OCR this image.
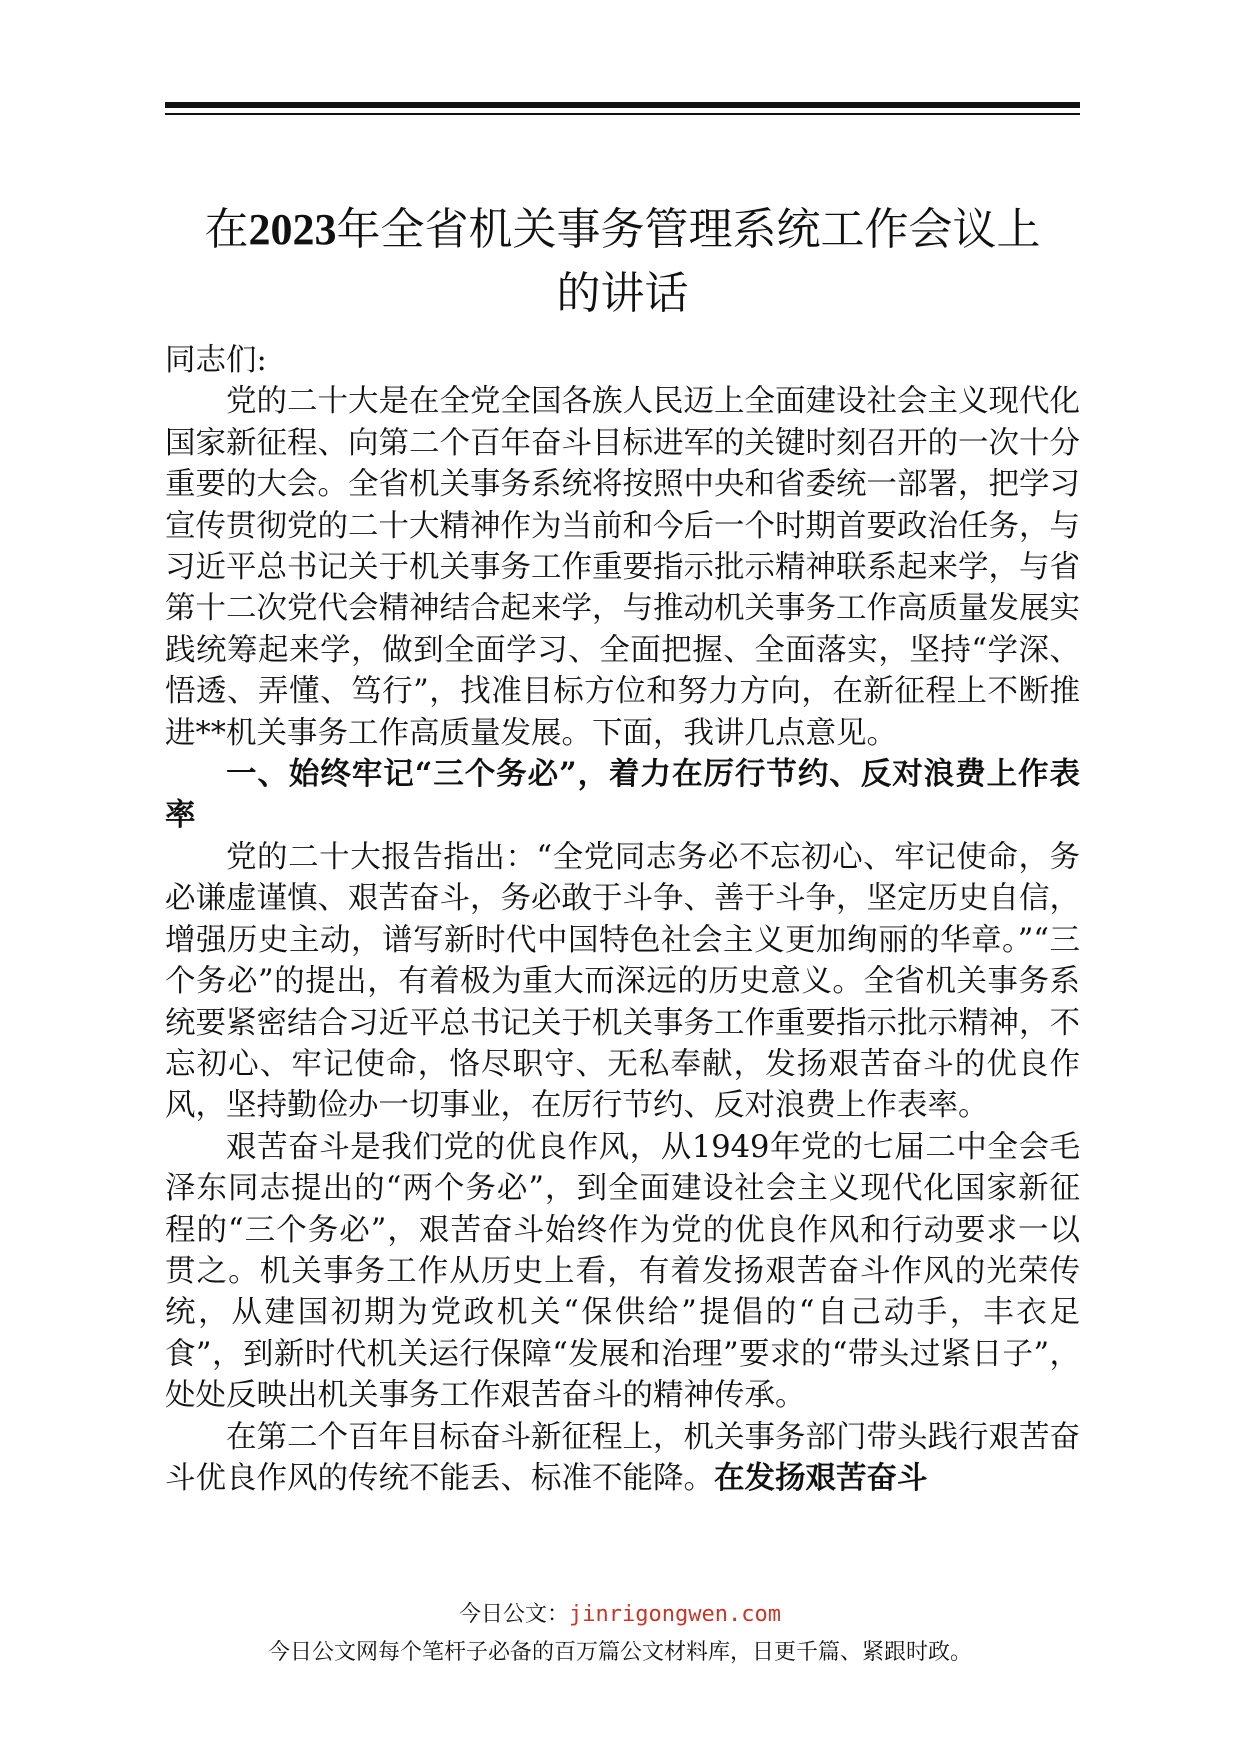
在2023年全省机关事务管理系统工作会议上
的讲话

同志们:

党的二十大是在全党全国各族人民迈上全面建设社会主义现代化国家新征程、向第二个百年奋斗目标进军的关键时刻召开的一次十分重要的大会。全省机关事务系统将按照中央和省委统一部署，把学习宣传贯彻党的二十大精神作为当前和今后一个时期首要政治任务，与习近平总书记关于机关事务工作重要指示批示精神联系起来学，与省第十二次党代会精神结合起来学，与推动机关事务工作高质量发展实践统筹起来学，做到全面学习、全面把握、全面落实，坚持“学深、悟透、弄懂、笃行”，找准目标方位和努力方向，在新征程上不断推进**机关事务工作高质量发展。下面，我讲几点意见。

一、始终牢记“三个务必”，着力在厉行节约、反对浪费上作表率

党的二十大报告指出：“全党同志务必不忘初心、牢记使命，务必谦虚谨慎、艰苦奋斗，务必敢于斗争、善于斗争，坚定历史自信，增强历史主动，谱写新时代中国特色社会主义更加绚丽的华章。”“三个务必”的提出，有着极为重大而深远的历史意义。全省机关事务系统要紧密结合习近平总书记关于机关事务工作重要指示批示精神，不忘初心、牢记使命，恪尽职守、无私奉献，发扬艰苦奋斗的优良作风，坚持勤俭办一切事业，在厉行节约、反对浪费上作表率。

艰苦奋斗是我们党的优良作风，从1949年党的七届二中全会毛泽东同志提出的“两个务必”，到全面建设社会主义现代化国家新征程的“三个务必”，艰苦奋斗始终作为党的优良作风和行动要求一以贯之。机关事务工作从历史上看，有着发扬艰苦奋斗作风的光荣传统，从建国初期为党政机关“保供给”提倡的“自己动手，丰衣足食”，到新时代机关运行保障“发展和治理”要求的“带头过紧日子”，处处反映出机关事务工作艰苦奋斗的精神传承。

在第二个百年目标奋斗新征程上，机关事务部门带头践行艰苦奋斗优良作风的传统不能丢、标准不能降。在发扬艰苦奋斗

今日公文：jinrigongwen.com
今日公文网每个笔杆子必备的百万篇公文材料库，日更千篇、紧跟时政。
